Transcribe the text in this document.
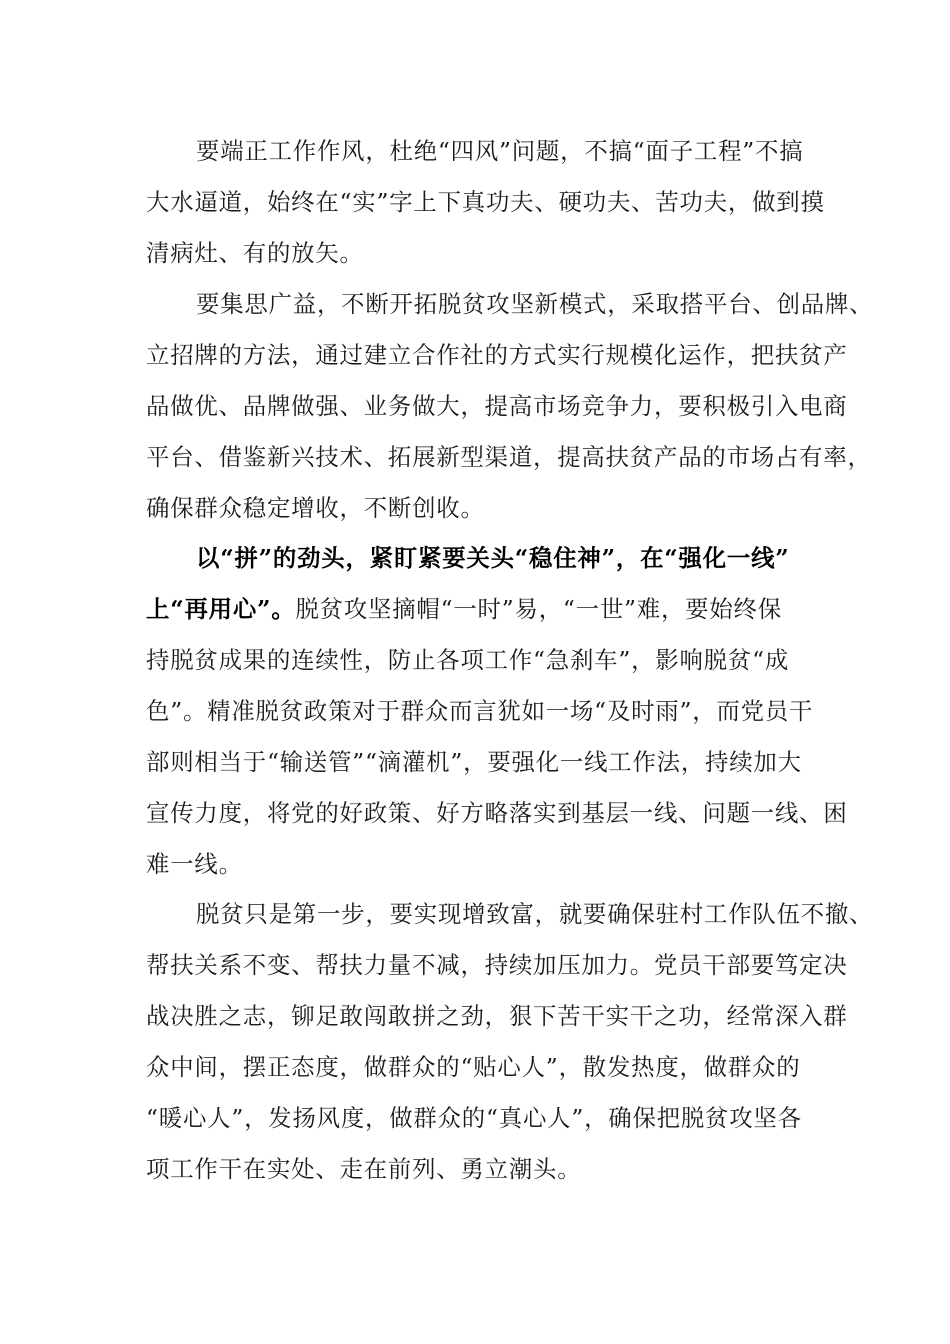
要端正工作作风，杜绝“四风”问题，不搞“面子工程”不搞
大水逼道，始终在“实”字上下真功夫、硬功夫、苦功夫，做到摸
清病灶、有的放矢。
要集思广益，不断开拓脱贫攻坚新模式，采取搭平台、创品牌、
立招牌的方法，通过建立合作社的方式实行规模化运作，把扶贫产
品做优、品牌做强、业务做大，提高市场竞争力，要积极引入电商
平台、借鉴新兴技术、拓展新型渠道，提高扶贫产品的市场占有率，
确保群众稳定增收，不断创收。
以“拼”的劲头，紧盯紧要关头“稳住神”，在“强化一线”
上“再用心”。脱贫攻坚摘帽“一时”易，“一世”难，要始终保
持脱贫成果的连续性，防止各项工作“急刹车”，影响脱贫“成
色”。精准脱贫政策对于群众而言犹如一场“及时雨”，而党员干
部则相当于“输送管”“滴灌机”，要强化一线工作法，持续加大
宣传力度，将党的好政策、好方略落实到基层一线、问题一线、困
难一线。
脱贫只是第一步，要实现增致富，就要确保驻村工作队伍不撤、
帮扶关系不变、帮扶力量不减，持续加压加力。党员干部要笃定决
战决胜之志，铆足敢闯敢拼之劲，狠下苦干实干之功，经常深入群
众中间，摆正态度，做群众的“贴心人”，散发热度，做群众的
“暖心人”，发扬风度，做群众的“真心人”，确保把脱贫攻坚各
项工作干在实处、走在前列、勇立潮头。
